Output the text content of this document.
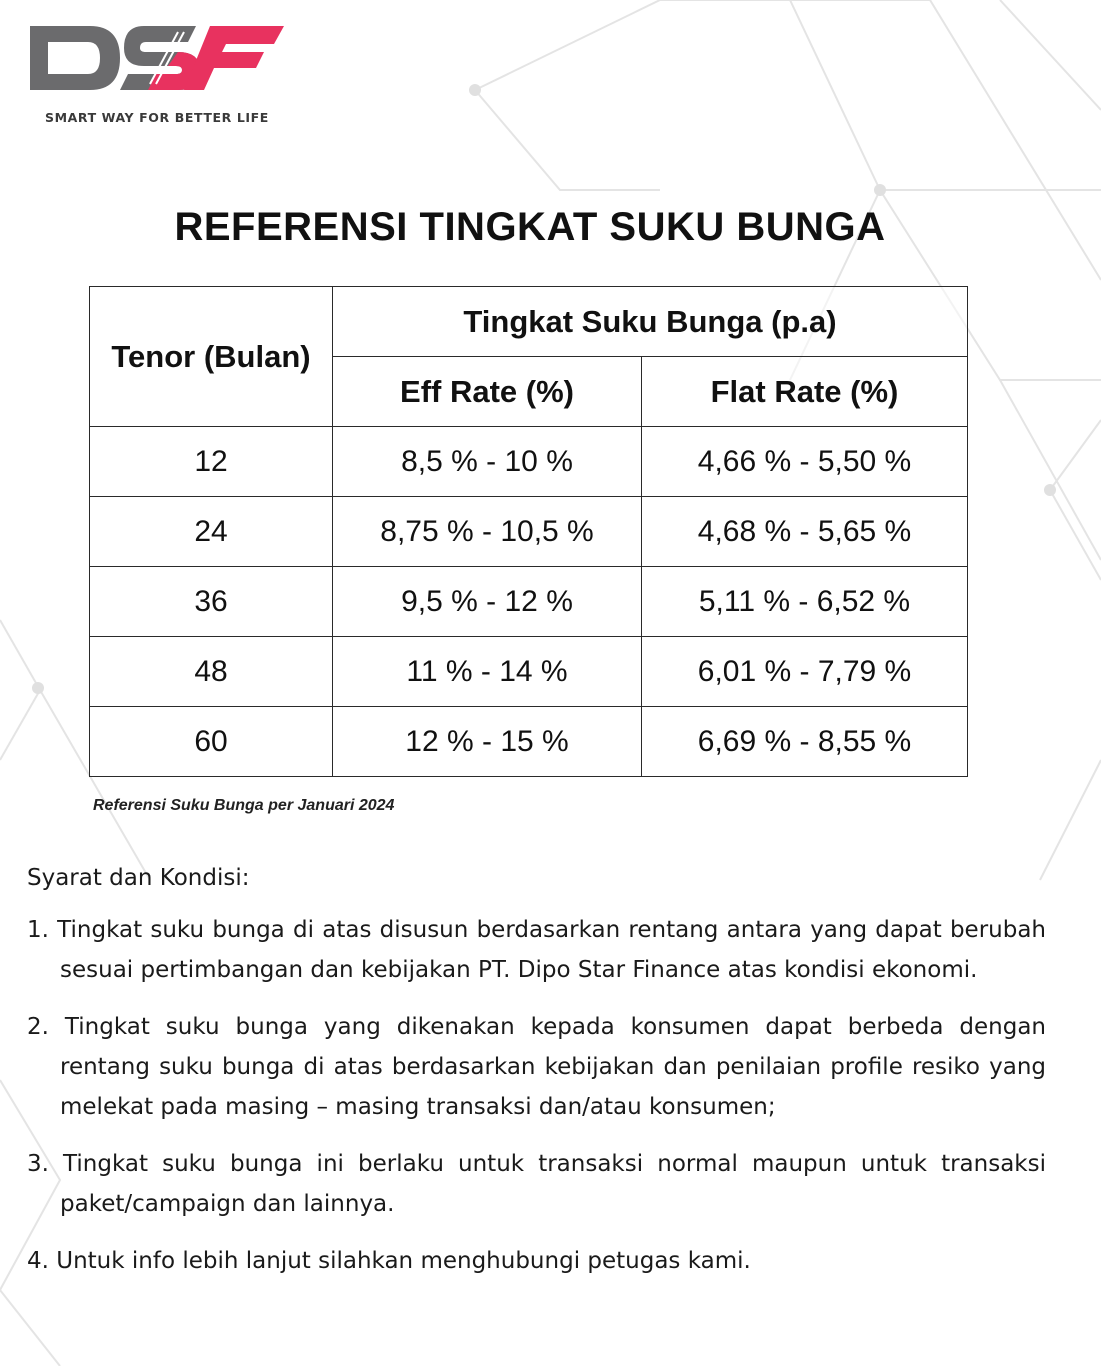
SMART WAY FOR BETTER LIFE
REFERENSI TINGKAT SUKU BUNGA
Tenor (Bulan)	Tingkat Suku Bunga (p.a)	
	Eff Rate (%)	Flat Rate (%)
12	8,5 % - 10 %	4,66 % - 5,50 %
24	8,75 % - 10,5 %	4,68 % - 5,65 %
36	9,5 % - 12 %	5,11 % - 6,52 %
48	11 % - 14 %	6,01 % - 7,79 %
60	12 % - 15 %	6,69 % - 8,55 %
Referensi Suku Bunga per Januari 2024

Syarat dan Kondisi:

1. Tingkat suku bunga di atas disusun berdasarkan rentang antara yang dapat berubah sesuai pertimbangan dan kebijakan PT. Dipo Star Finance atas kondisi ekonomi.

2. Tingkat suku bunga yang dikenakan kepada konsumen dapat berbeda dengan rentang suku bunga di atas berdasarkan kebijakan dan penilaian profile resiko yang melekat pada masing – masing transaksi dan/atau konsumen;

3. Tingkat suku bunga ini berlaku untuk transaksi normal maupun untuk transaksi paket/campaign dan lainnya.

4. Untuk info lebih lanjut silahkan menghubungi petugas kami.
